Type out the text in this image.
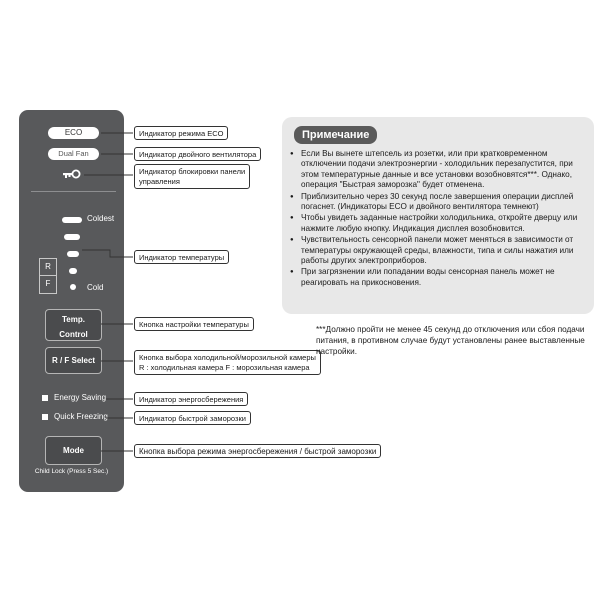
ECO
Dual Fan
Coldest
Cold
R
F
Temp.
Control
R / F Select
Energy Saving
Quick Freezing
Mode
Child Lock (Press 5 Sec.)
Индикатор режима ECO
Индикатор двойного вентилятора
Индикатор блокировки панели
управления
Индикатор температуры
Кнопка настройки температуры
Кнопка выбора холодильной/морозильной камеры
R : холодильная камера F : морозильная камера
Индикатор энергосбережения
Индикатор быстрой заморозки
Кнопка выбора режима энергосбережения / быстрой заморозки
Примечание
● Если Вы вынете штепсель из розетки, или при кратковременном отключении подачи электроэнергии - холодильник перезапустится, при этом температурные данные и все установки возобновятся***. Однако, операция "Быстрая заморозка" будет отменена.
● Приблизительно через 30 секунд после завершения операции дисплей погаснет. (Индикаторы ECO и двойного вентилятора темнеют)
● Чтобы увидеть заданные настройки холодильника, откройте дверцу или нажмите любую кнопку. Индикация дисплея возобновится.
● Чувствительность сенсорной панели может меняться в зависимости от температуры окружающей среды, влажности, типа и силы нажатия или работы других электроприборов.
● При загрязнении или попадании воды сенсорная панель может не реагировать на прикосновения.
***Должно пройти не менее 45 секунд до отключения или сбоя подачи питания, в противном случае будут установлены ранее выставленные настройки.
